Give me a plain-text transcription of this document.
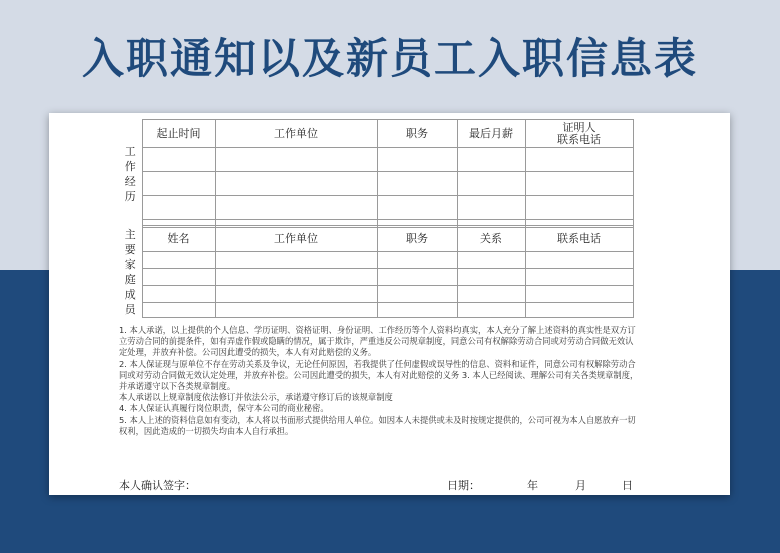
入职通知以及新员工入职信息表
工作经历	起止时间	工作单位	职务	最后月薪	证明人
联系电话

主要家庭成员	姓名	工作单位	职务	关系	联系电话

1. 本人承诺，以上提供的个人信息、学历证明、资格证明、身份证明、工作经历等个人资料均真实，本人充分了解上述资料的真实性是双方订立劳动合同的前提条件，如有弄虚作假或隐瞒的情况，属于欺诈，严重违反公司规章制度，同意公司有权解除劳动合同或对劳动合同做无效认定处理，并放弃补偿。公司因此遭受的损失，本人有对此赔偿的义务。

2. 本人保证现与原单位不存在劳动关系及争议，无论任何原因，若我提供了任何虚假或误导性的信息、资料和证件，同意公司有权解除劳动合同或对劳动合同做无效认定处理，并放弃补偿。公司因此遭受的损失，本人有对此赔偿的义务 3. 本人已经阅读、理解公司有关各类规章制度，并承诺遵守以下各类规章制度。

本人承诺以上规章制度依法修订并依法公示，承诺遵守修订后的该规章制度

4. 本人保证认真履行岗位职责，保守本公司的商业秘密。

5. 本人上述的资料信息如有变动，本人将以书面形式提供给用人单位。如因本人未提供或未及时按规定提供的，公司可视为本人自愿放弃一切权利，因此造成的一切损失均由本人自行承担。

本人确认签字：	日期：	年	月	日
